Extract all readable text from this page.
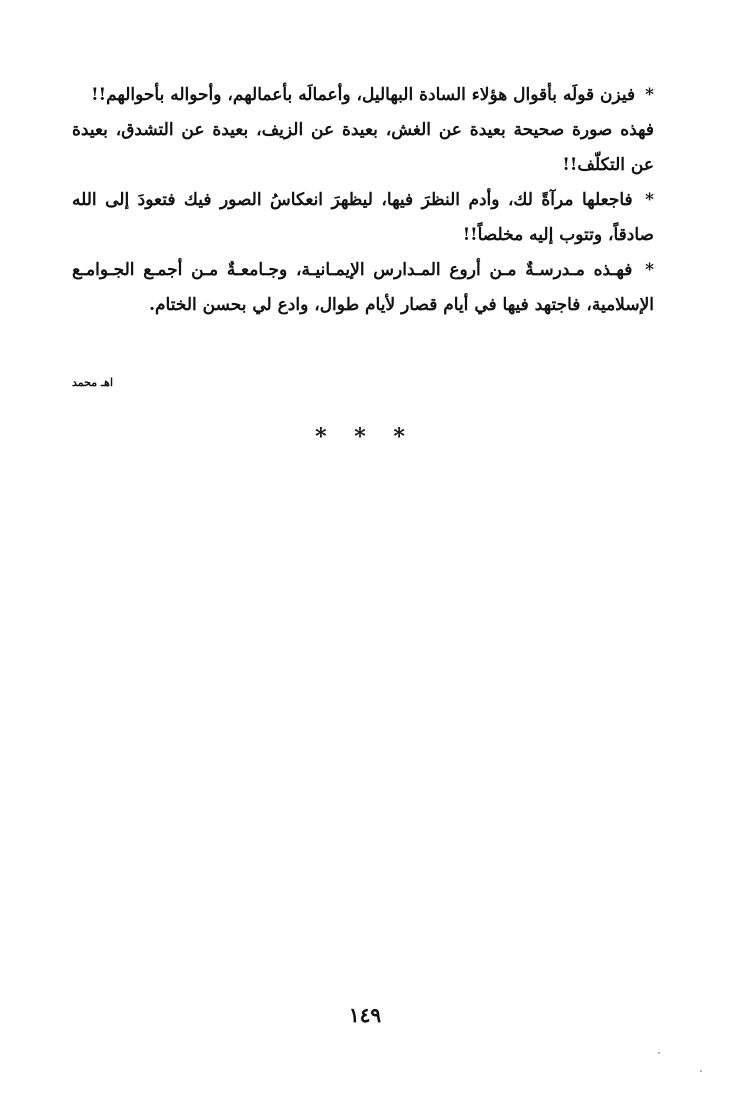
* فيزن قولَه بأقوال هؤلاء السادة البهاليل، وأعمالَه بأعمالهم، وأحواله بأحوالهم!!

فهذه صورة صحيحة بعيدة عن الغش، بعيدة عن الزيف، بعيدة عن التشدق، بعيدة عن التكلّف!!

* فاجعلها مرآةً لك، وأدم النظرَ فيها، ليظهرَ انعكاسُ الصور فيك فتعودَ إلى الله صادقاً، وتتوب إليه مخلصاً!!

* فهـذه مـدرسـةٌ مـن أروع المـدارس الإيمـانيـة، وجـامعـةٌ مـن أجمـع الجـوامـع الإسلامية، فاجتهد فيها في أيام قصار لأيام طوال، وادع لي بحسن الختام.

اهـ محمد
* * *
١٤٩
